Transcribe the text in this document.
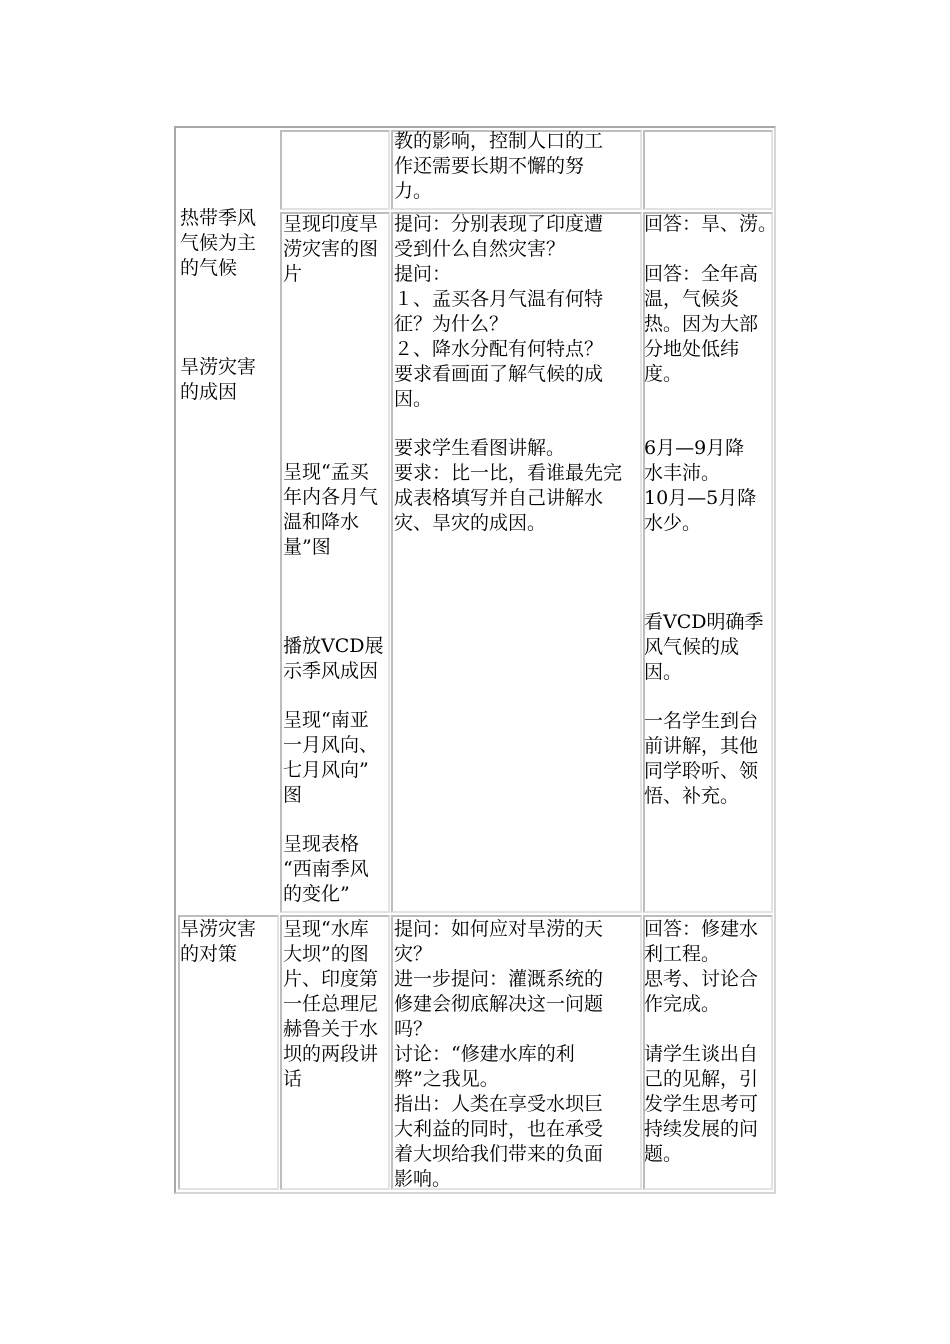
教的影响，控制人口的工
作还需要长期不懈的努
力。
热带季风
气候为主
的气候
旱涝灾害
的成因
呈现印度旱
涝灾害的图
片
呈现“孟买
年内各月气
温和降水
量”图
播放VCD展
示季风成因
呈现“南亚
一月风向、
七月风向”
图
呈现表格
“西南季风
的变化”
提问：分别表现了印度遭
受到什么自然灾害？
提问：
１、孟买各月气温有何特
征？为什么？
２、降水分配有何特点？
要求看画面了解气候的成
因。
要求学生看图讲解。
要求：比一比，看谁最先完
成表格填写并自己讲解水
灾、旱灾的成因。
回答：旱、涝。
回答：全年高
温，气候炎
热。因为大部
分地处低纬
度。
6月—9月降
水丰沛。
10月—5月降
水少。
看VCD明确季
风气候的成
因。
一名学生到台
前讲解，其他
同学聆听、领
悟、补充。
旱涝灾害
的对策
呈现“水库
大坝”的图
片、印度第
一任总理尼
赫鲁关于水
坝的两段讲
话
提问：如何应对旱涝的天
灾？
进一步提问：灌溉系统的
修建会彻底解决这一问题
吗？
讨论：“修建水库的利
弊”之我见。
指出：人类在享受水坝巨
大利益的同时，也在承受
着大坝给我们带来的负面
影响。
回答：修建水
利工程。
思考、讨论合
作完成。
请学生谈出自
己的见解，引
发学生思考可
持续发展的问
题。
